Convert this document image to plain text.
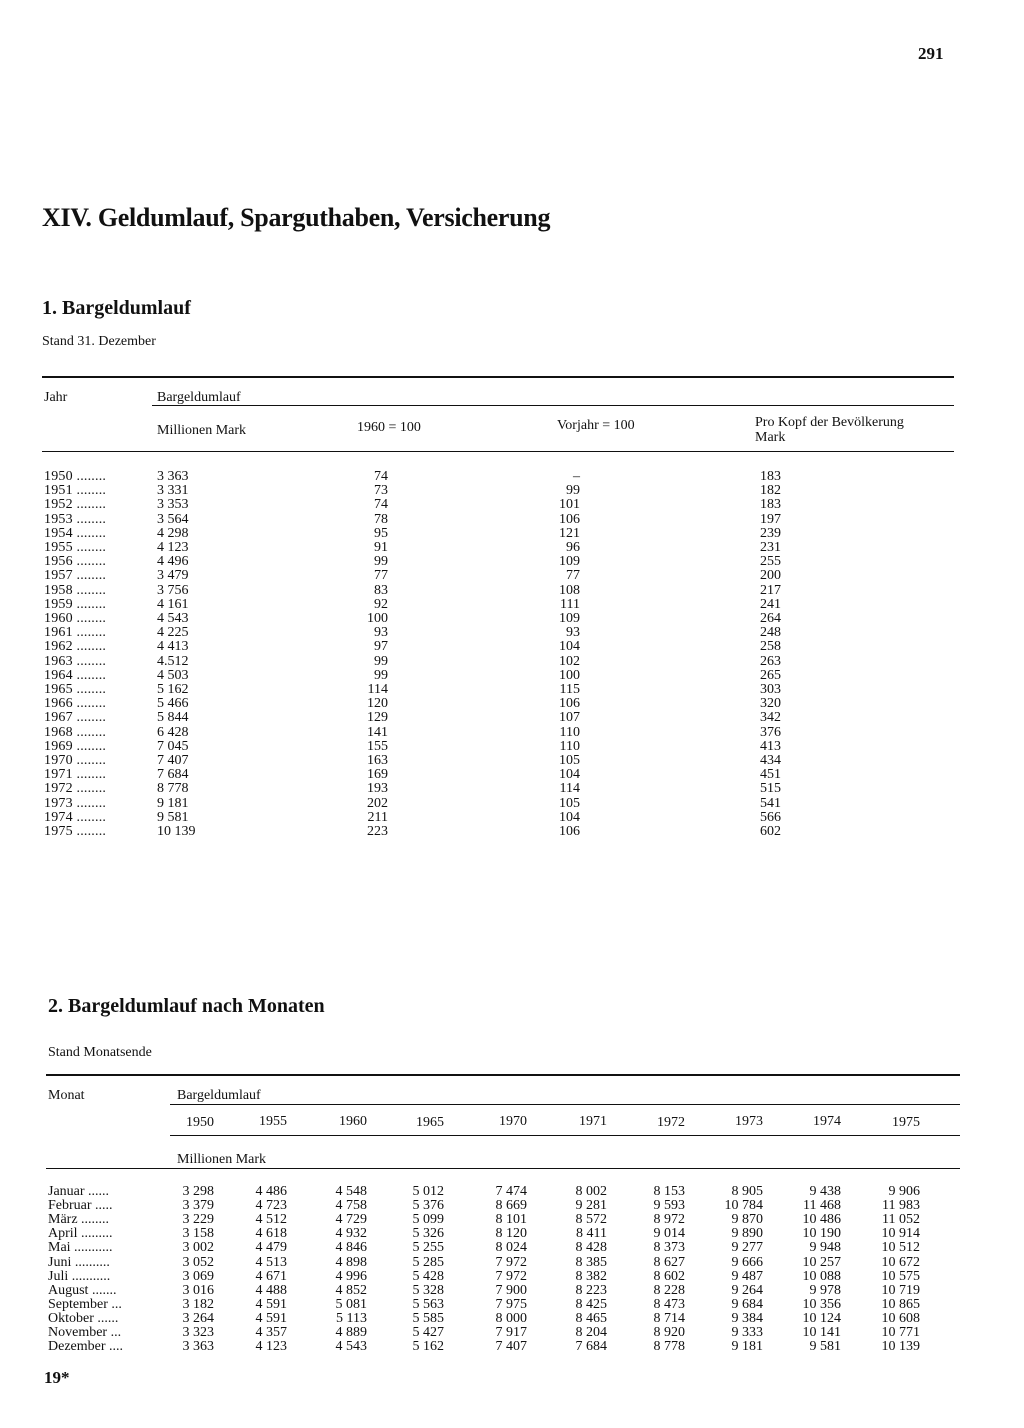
291
XIV. Geldumlauf, Sparguthaben, Versicherung
1. Bargeldumlauf
Stand 31. Dezember
Jahr	Bargeldumlauf
Millionen Mark	1960 = 100	Vorjahr = 100	Pro Kopf der Bevölkerung
Mark
1950 ........	3 363	74	–	183
1951 ........	3 331	73	99	182
1952 ........	3 353	74	101	183
1953 ........	3 564	78	106	197
1954 ........	4 298	95	121	239
1955 ........	4 123	91	96	231
1956 ........	4 496	99	109	255
1957 ........	3 479	77	77	200
1958 ........	3 756	83	108	217
1959 ........	4 161	92	111	241
1960 ........	4 543	100	109	264
1961 ........	4 225	93	93	248
1962 ........	4 413	97	104	258
1963 ........	4.512	99	102	263
1964 ........	4 503	99	100	265
1965 ........	5 162	114	115	303
1966 ........	5 466	120	106	320
1967 ........	5 844	129	107	342
1968 ........	6 428	141	110	376
1969 ........	7 045	155	110	413
1970 ........	7 407	163	105	434
1971 ........	7 684	169	104	451
1972 ........	8 778	193	114	515
1973 ........	9 181	202	105	541
1974 ........	9 581	211	104	566
1975 ........	10 139	223	106	602
2. Bargeldumlauf nach Monaten
Stand Monatsende
Monat	Bargeldumlauf
1950	1955	1960	1965	1970	1971	1972	1973	1974	1975
Millionen Mark
Januar ......	3 298	4 486	4 548	5 012	7 474	8 002	8 153	8 905	9 438	9 906
Februar .....	3 379	4 723	4 758	5 376	8 669	9 281	9 593	10 784	11 468	11 983
März ........	3 229	4 512	4 729	5 099	8 101	8 572	8 972	9 870	10 486	11 052
April .........	3 158	4 618	4 932	5 326	8 120	8 411	9 014	9 890	10 190	10 914
Mai ...........	3 002	4 479	4 846	5 255	8 024	8 428	8 373	9 277	9 948	10 512
Juni ..........	3 052	4 513	4 898	5 285	7 972	8 385	8 627	9 666	10 257	10 672
Juli ...........	3 069	4 671	4 996	5 428	7 972	8 382	8 602	9 487	10 088	10 575
August .......	3 016	4 488	4 852	5 328	7 900	8 223	8 228	9 264	9 978	10 719
September ...	3 182	4 591	5 081	5 563	7 975	8 425	8 473	9 684	10 356	10 865
Oktober ......	3 264	4 591	5 113	5 585	8 000	8 465	8 714	9 384	10 124	10 608
November ...	3 323	4 357	4 889	5 427	7 917	8 204	8 920	9 333	10 141	10 771
Dezember ....	3 363	4 123	4 543	5 162	7 407	7 684	8 778	9 181	9 581	10 139
19*
